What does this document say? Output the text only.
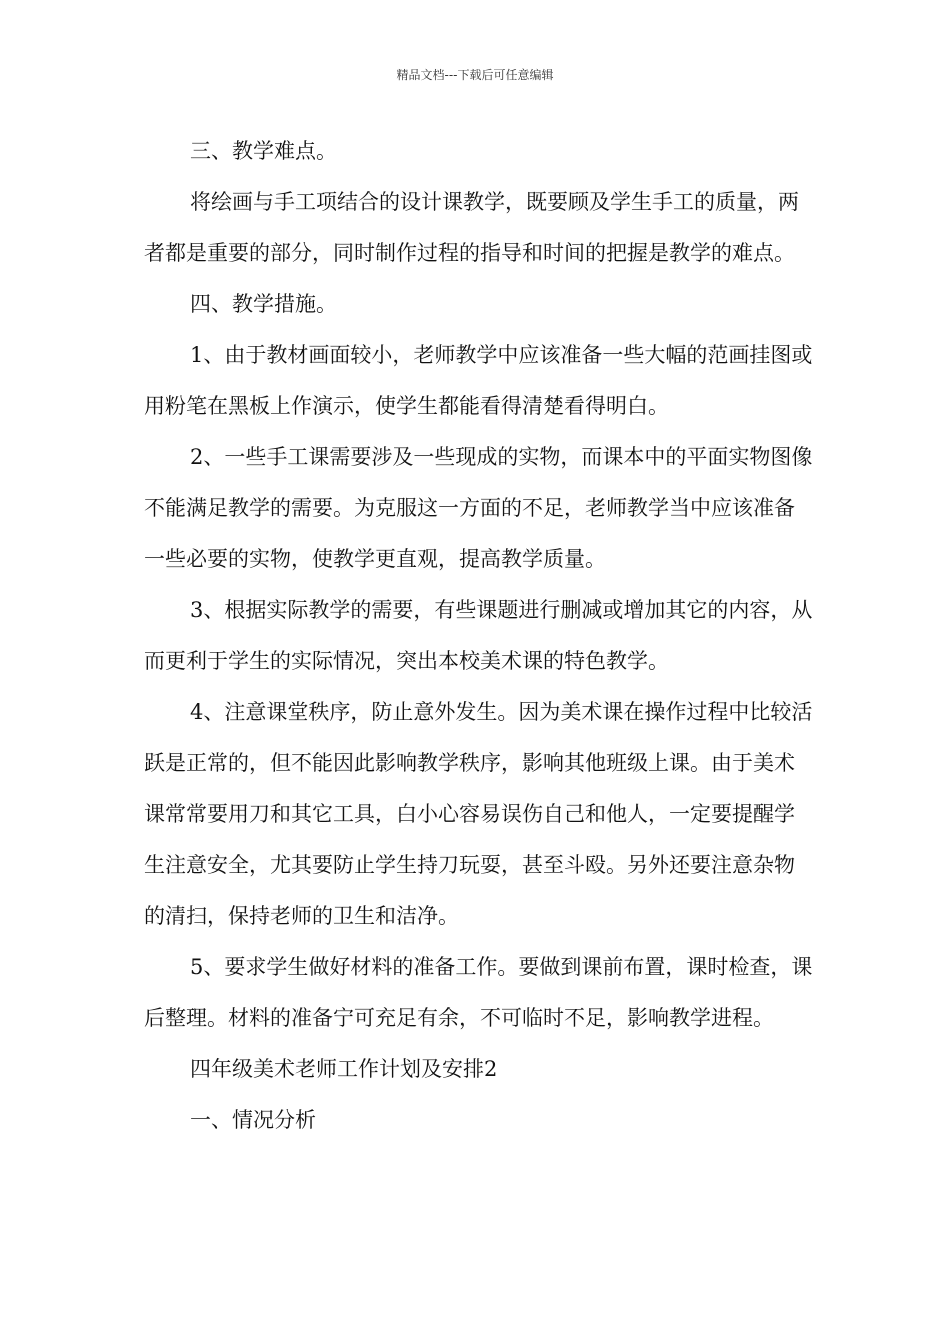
精品文档---下载后可任意编辑

三、教学难点。

将绘画与手工项结合的设计课教学，既要顾及学生手工的质量，两者都是重要的部分，同时制作过程的指导和时间的把握是教学的难点。

四、教学措施。

1、由于教材画面较小，老师教学中应该准备一些大幅的范画挂图或用粉笔在黑板上作演示，使学生都能看得清楚看得明白。

2、一些手工课需要涉及一些现成的实物，而课本中的平面实物图像不能满足教学的需要。为克服这一方面的不足，老师教学当中应该准备一些必要的实物，使教学更直观，提高教学质量。

3、根据实际教学的需要，有些课题进行删减或增加其它的内容，从而更利于学生的实际情况，突出本校美术课的特色教学。

4、注意课堂秩序，防止意外发生。因为美术课在操作过程中比较活跃是正常的，但不能因此影响教学秩序，影响其他班级上课。由于美术课常常要用刀和其它工具，白小心容易误伤自己和他人，一定要提醒学生注意安全，尤其要防止学生持刀玩耍，甚至斗殴。另外还要注意杂物的清扫，保持老师的卫生和洁净。

5、要求学生做好材料的准备工作。要做到课前布置，课时检查，课后整理。材料的准备宁可充足有余，不可临时不足，影响教学进程。

四年级美术老师工作计划及安排2

一、情况分析
